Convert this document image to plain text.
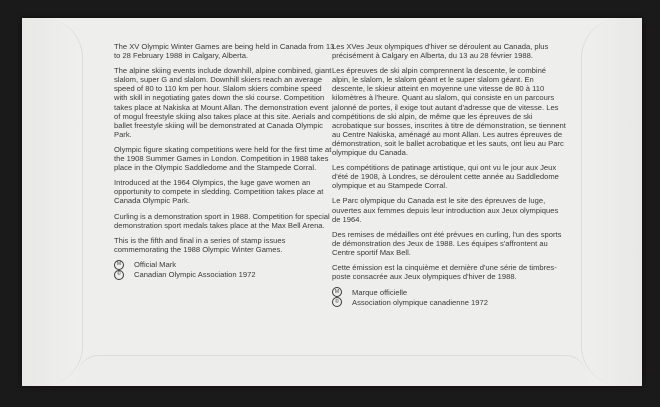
The XV Olympic Winter Games are being held in Canada from 13 to 28 February 1988 in Calgary, Alberta.

The alpine skiing events include downhill, alpine combined, giant slalom, super G and slalom. Downhill skiers reach an average speed of 80 to 110 km per hour. Slalom skiers combine speed with skill in negotiating gates down the ski course. Competition takes place at Nakiska at Mount Allan. The demonstration event of mogul freestyle skiing also takes place at this site. Aerials and ballet freestyle skiing will be demonstrated at Canada Olympic Park.

Olympic figure skating competitions were held for the first time at the 1908 Summer Games in London. Competition in 1988 takes place in the Olympic Saddledome and the Stampede Corral.

Introduced at the 1964 Olympics, the luge gave women an opportunity to compete in sledding. Competition takes place at Canada Olympic Park.

Curling is a demonstration sport in 1988. Competition for special demonstration sport medals takes place at the Max Bell Arena.

This is the fifth and final in a series of stamp issues commemorating the 1988 Olympic Winter Games.

M	Official Mark
©	Canadian Olympic Association 1972

Les XVes Jeux olympiques d'hiver se déroulent au Canada, plus précisément à Calgary en Alberta, du 13 au 28 février 1988.

Les épreuves de ski alpin comprennent la descente, le combiné alpin, le slalom, le slalom géant et le super slalom géant. En descente, le skieur atteint en moyenne une vitesse de 80 à 110 kilomètres à l'heure. Quant au slalom, qui consiste en un parcours jalonné de portes, il exige tout autant d'adresse que de vitesse. Les compétitions de ski alpin, de même que les épreuves de ski acrobatique sur bosses, inscrites à titre de démonstration, se tiennent au Centre Nakiska, aménagé au mont Allan. Les autres épreuves de démonstration, soit le ballet acrobatique et les sauts, ont lieu au Parc olympique du Canada.

Les compétitions de patinage artistique, qui ont vu le jour aux Jeux d'été de 1908, à Londres, se déroulent cette année au Saddledome olympique et au Stampede Corral.

Le Parc olympique du Canada est le site des épreuves de luge, ouvertes aux femmes depuis leur introduction aux Jeux olympiques de 1964.

Des remises de médailles ont été prévues en curling, l'un des sports de démonstration des Jeux de 1988. Les équipes s'affrontent au Centre sportif Max Bell.

Cette émission est la cinquième et dernière d'une série de timbres-poste consacrée aux Jeux olympiques d'hiver de 1988.

M	Marque officielle
©	Association olympique canadienne 1972
